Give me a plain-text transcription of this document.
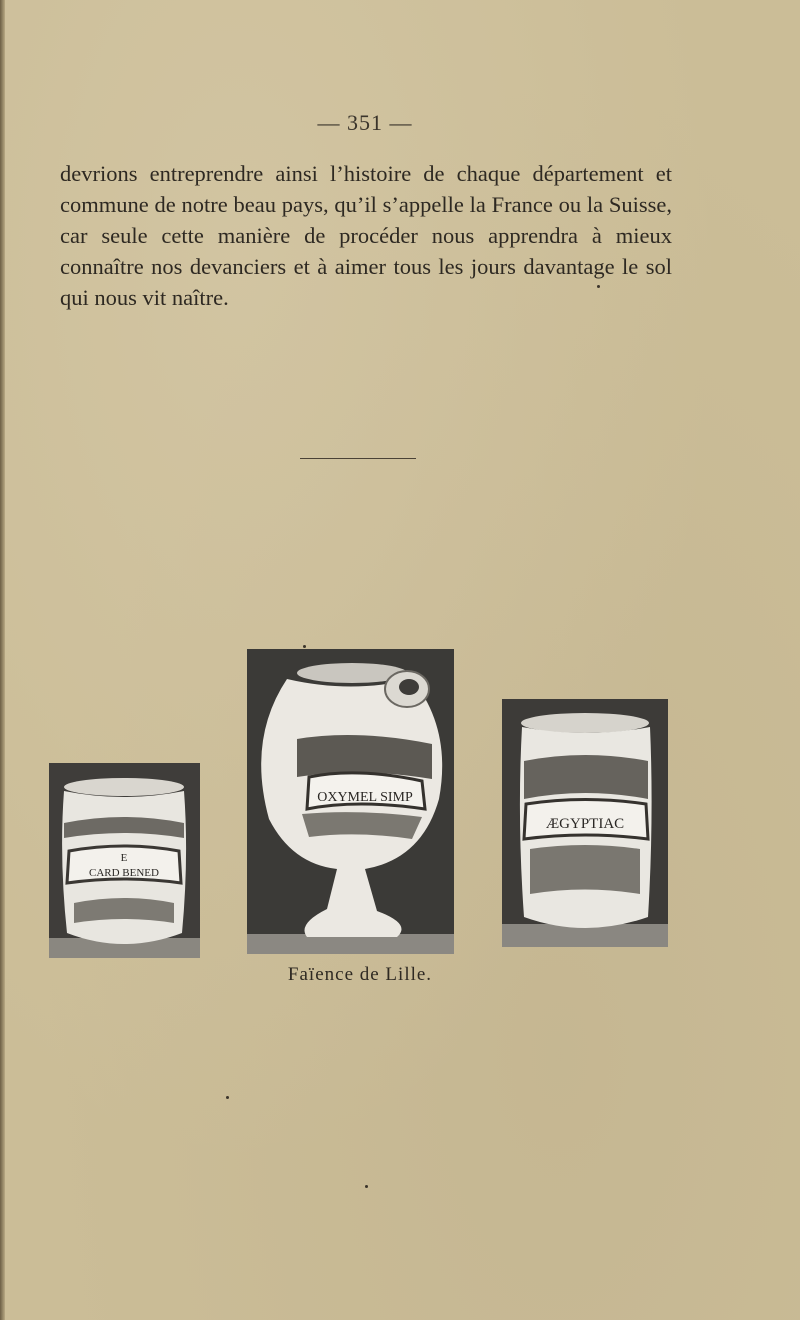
— 351 —

devrions entreprendre ainsi l’histoire de chaque département et commune de notre beau pays, qu’il s’appelle la France ou la Suisse, car seule cette manière de procéder nous apprendra à mieux connaître nos devanciers et à aimer tous les jours davantage le sol qui nous vit naître.

E
CARD BENED
OXYMEL SIMP
ÆGYPTIAC
Faïence de Lille.
